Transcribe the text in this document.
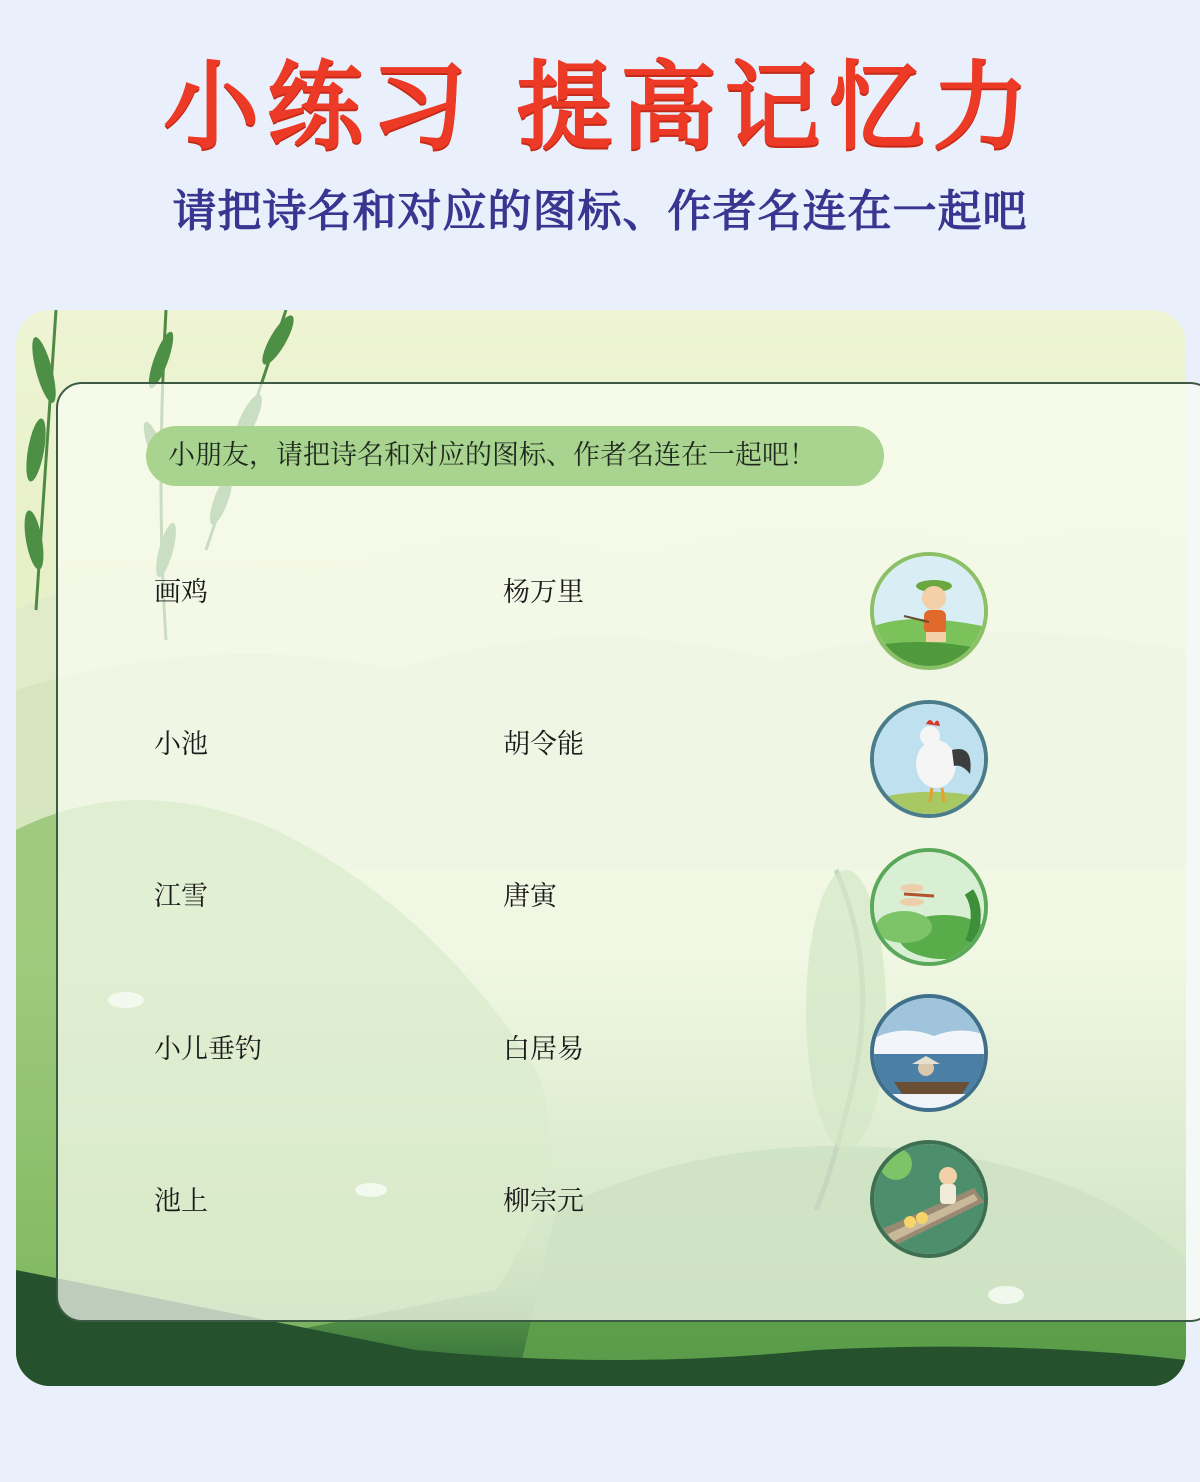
小练习 提高记忆力
请把诗名和对应的图标、作者名连在一起吧
小朋友，请把诗名和对应的图标、作者名连在一起吧！
画鸡
小池
江雪
小儿垂钓
池上
杨万里
胡令能
唐寅
白居易
柳宗元
